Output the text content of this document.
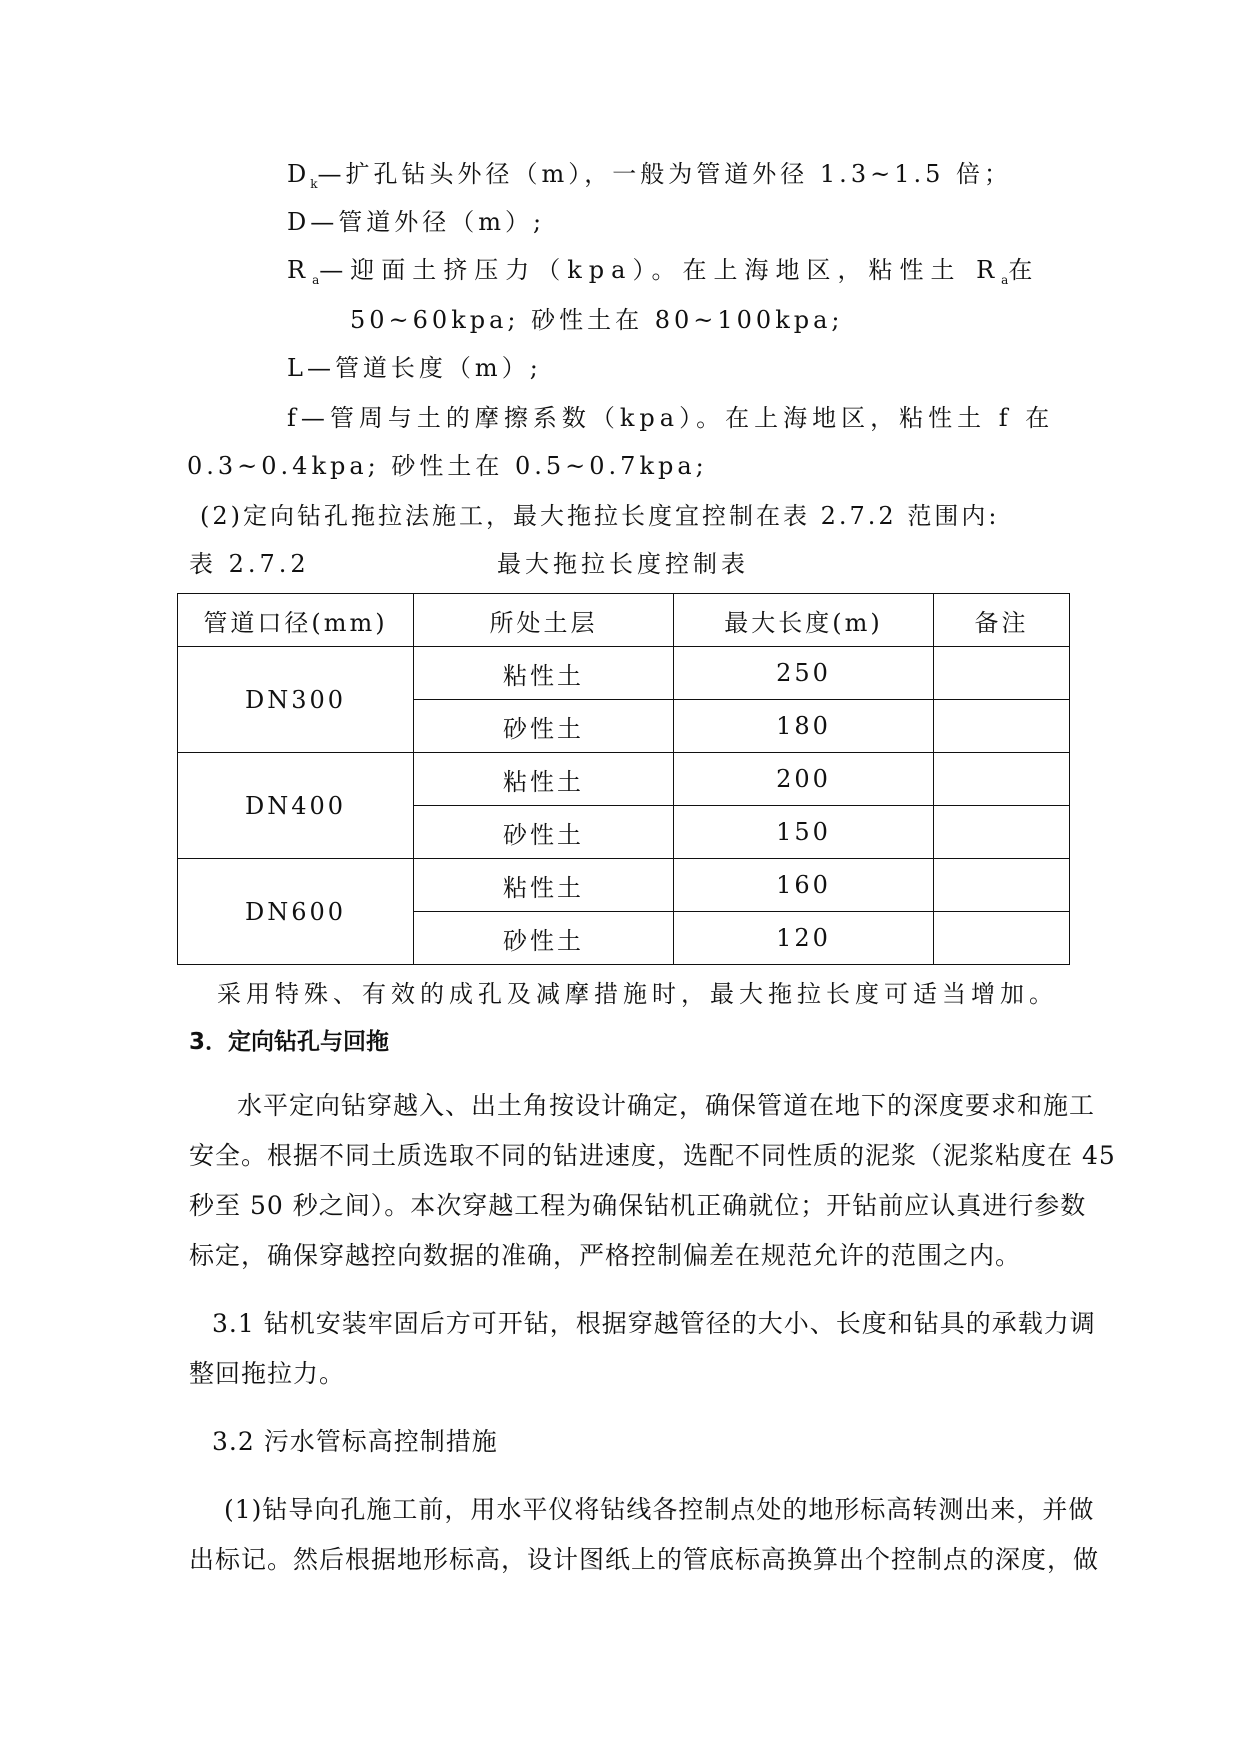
$D_k—$扩孔钻头外径（m），一般为管道外径 1.3~1.5 倍；
D—管道外径（m）;
$R_a—$迎面土挤压力（kpa）。在上海地区，粘性土 $R_a$在
50~60kpa; 砂性土在 80~100kpa;
L—管道长度（m）;
f—管周与土的摩擦系数（kpa）。在上海地区，粘性土 f 在
0.3~0.4kpa; 砂性土在 0.5~0.7kpa;
(2)定向钻孔拖拉法施工，最大拖拉长度宜控制在表 2.7.2 范围内:
表 2.7.2	最大拖拉长度控制表
管道口径(mm)	所处土层	最大长度(m)	备注
DN300	粘性土	250	
	砂性土	180	
DN400	粘性土	200	
	砂性土	150	
DN600	粘性土	160	
	砂性土	120	
采用特殊、有效的成孔及减摩措施时，最大拖拉长度可适当增加。
3．定向钻孔与回拖
水平定向钻穿越入、出土角按设计确定，确保管道在地下的深度要求和施工
安全。根据不同土质选取不同的钻进速度，选配不同性质的泥浆（泥浆粘度在 45
秒至 50 秒之间）。本次穿越工程为确保钻机正确就位；开钻前应认真进行参数
标定，确保穿越控向数据的准确，严格控制偏差在规范允许的范围之内。
3.1 钻机安装牢固后方可开钻，根据穿越管径的大小、长度和钻具的承载力调
整回拖拉力。
3.2 污水管标高控制措施
(1)钻导向孔施工前，用水平仪将钻线各控制点处的地形标高转测出来，并做
出标记。然后根据地形标高，设计图纸上的管底标高换算出个控制点的深度，做
